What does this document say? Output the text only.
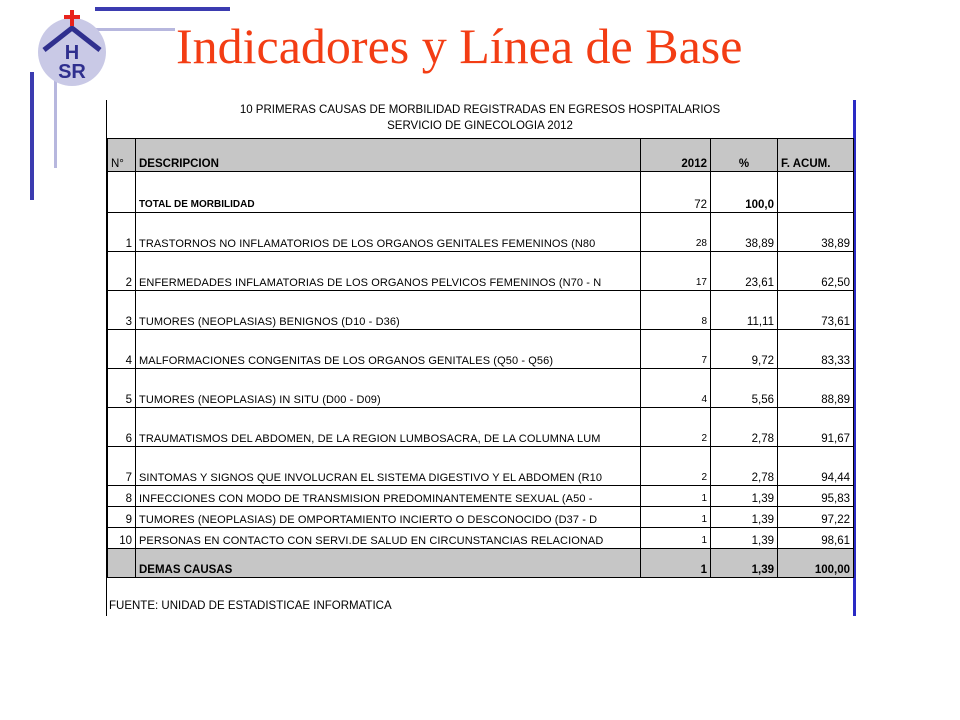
H
SR Indicadores y Línea de Base
10 PRIMERAS CAUSAS DE MORBILIDAD REGISTRADAS EN EGRESOS HOSPITALARIOS
SERVICIO DE GINECOLOGIA 2012
N°	DESCRIPCION	2012	%	F. ACUM.
	TOTAL DE MORBILIDAD	72	100,0	
1	TRASTORNOS NO INFLAMATORIOS DE LOS ORGANOS GENITALES FEMENINOS (N80	28	38,89	38,89
2	ENFERMEDADES INFLAMATORIAS DE LOS ORGANOS PELVICOS FEMENINOS (N70 - N	17	23,61	62,50
3	TUMORES (NEOPLASIAS) BENIGNOS (D10 - D36)	8	11,11	73,61
4	MALFORMACIONES CONGENITAS DE LOS ORGANOS GENITALES (Q50 - Q56)	7	9,72	83,33
5	TUMORES (NEOPLASIAS) IN SITU (D00 - D09)	4	5,56	88,89
6	TRAUMATISMOS DEL ABDOMEN, DE LA REGION LUMBOSACRA, DE LA COLUMNA LUM	2	2,78	91,67
7	SINTOMAS Y SIGNOS QUE INVOLUCRAN EL SISTEMA DIGESTIVO Y EL ABDOMEN (R10	2	2,78	94,44
8	INFECCIONES CON MODO DE TRANSMISION PREDOMINANTEMENTE SEXUAL (A50 -	1	1,39	95,83
9	TUMORES (NEOPLASIAS) DE OMPORTAMIENTO INCIERTO O DESCONOCIDO (D37 - D	1	1,39	97,22
10	PERSONAS EN CONTACTO CON SERVI.DE SALUD EN CIRCUNSTANCIAS RELACIONAD	1	1,39	98,61
	DEMAS CAUSAS	1	1,39	100,00
FUENTE: UNIDAD DE ESTADISTICAE INFORMATICA
